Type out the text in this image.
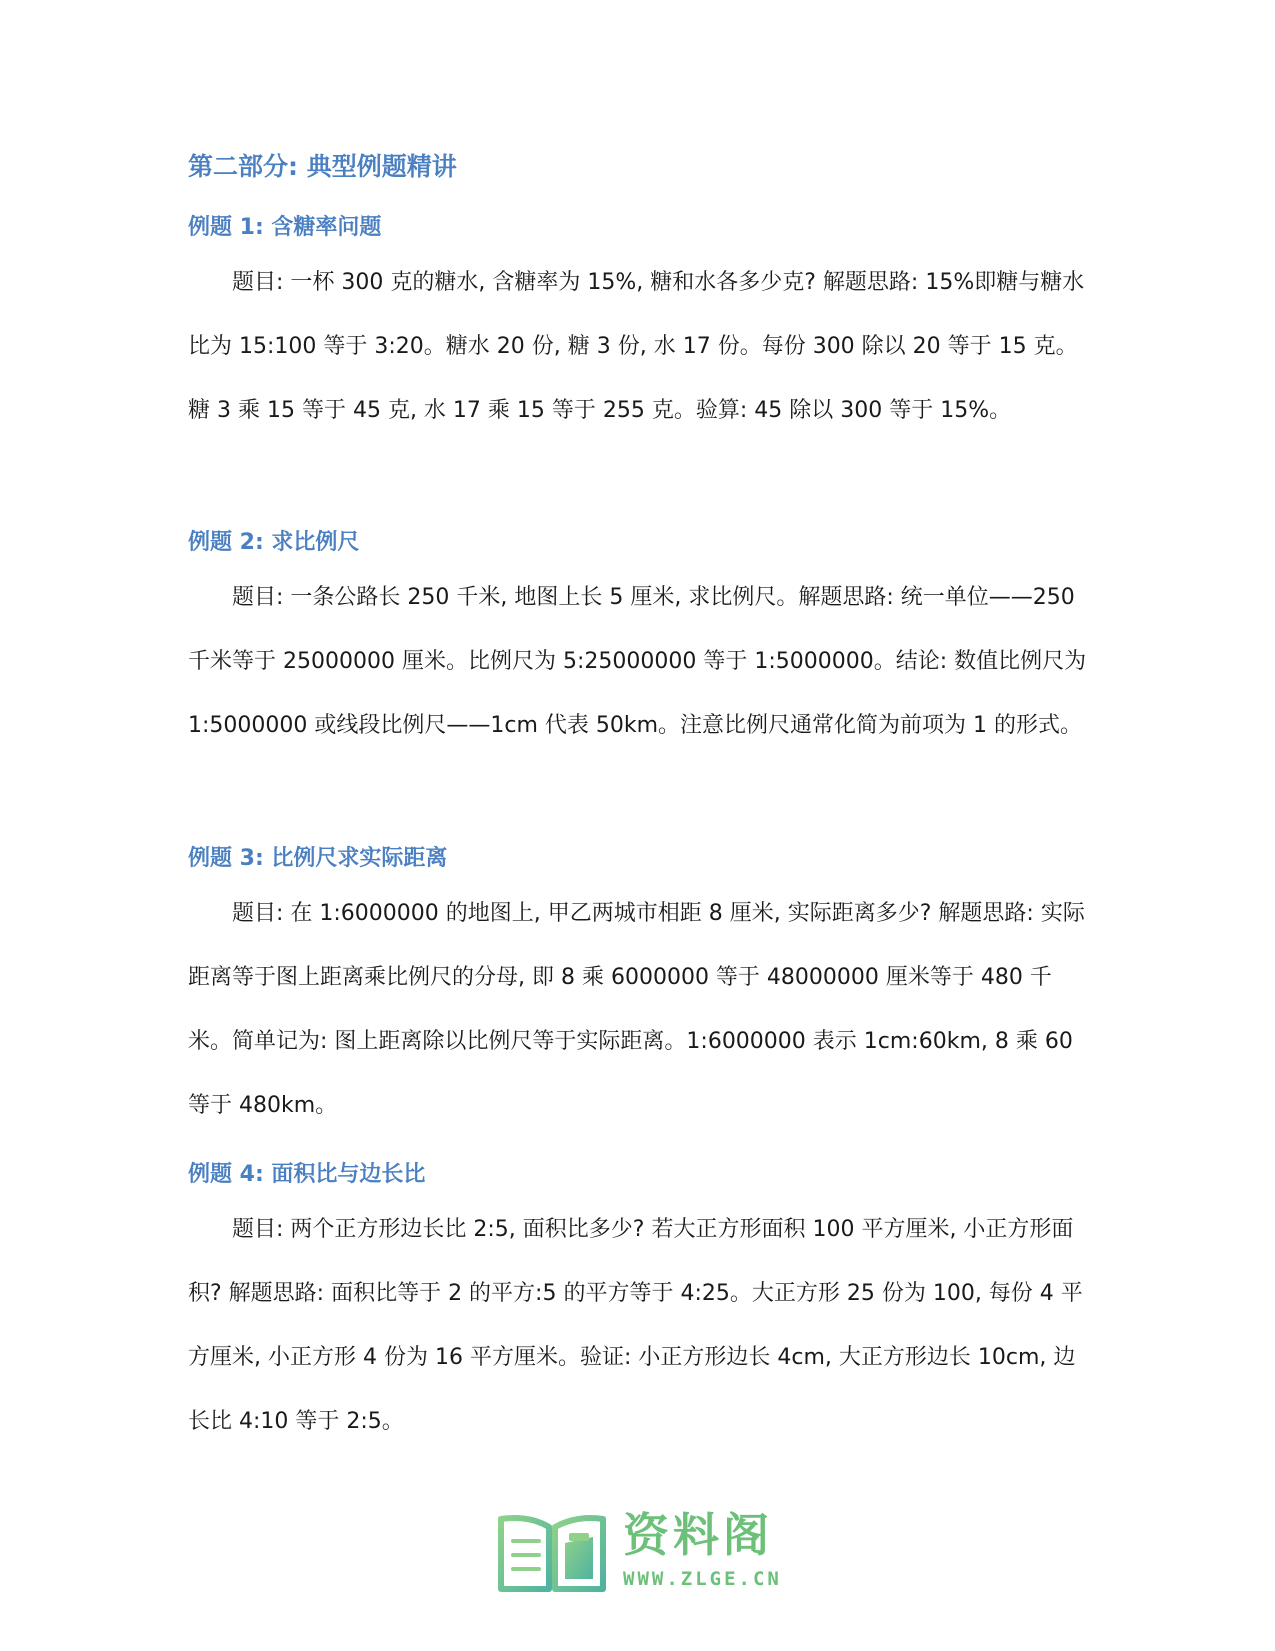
第二部分: 典型例题精讲
例题 1: 含糖率问题

题目: 一杯 300 克的糖水, 含糖率为 15%, 糖和水各多少克? 解题思路: 15%即糖与糖水比为 15:100 等于 3:20。糖水 20 份, 糖 3 份, 水 17 份。每份 300 除以 20 等于 15 克。糖 3 乘 15 等于 45 克, 水 17 乘 15 等于 255 克。验算: 45 除以 300 等于 15%。

例题 2: 求比例尺

题目: 一条公路长 250 千米, 地图上长 5 厘米, 求比例尺。解题思路: 统一单位——250 千米等于 25000000 厘米。比例尺为 5:25000000 等于 1:5000000。结论: 数值比例尺为 1:5000000 或线段比例尺——1cm 代表 50km。注意比例尺通常化简为前项为 1 的形式。

例题 3: 比例尺求实际距离

题目: 在 1:6000000 的地图上, 甲乙两城市相距 8 厘米, 实际距离多少? 解题思路: 实际距离等于图上距离乘比例尺的分母, 即 8 乘 6000000 等于 48000000 厘米等于 480 千米。简单记为: 图上距离除以比例尺等于实际距离。1:6000000 表示 1cm:60km, 8 乘 60 等于 480km。

例题 4: 面积比与边长比

题目: 两个正方形边长比 2:5, 面积比多少? 若大正方形面积 100 平方厘米, 小正方形面积? 解题思路: 面积比等于 2 的平方:5 的平方等于 4:25。大正方形 25 份为 100, 每份 4 平方厘米, 小正方形 4 份为 16 平方厘米。验证: 小正方形边长 4cm, 大正方形边长 10cm, 边长比 4:10 等于 2:5。

资料阁
WWW.ZLGE.CN
